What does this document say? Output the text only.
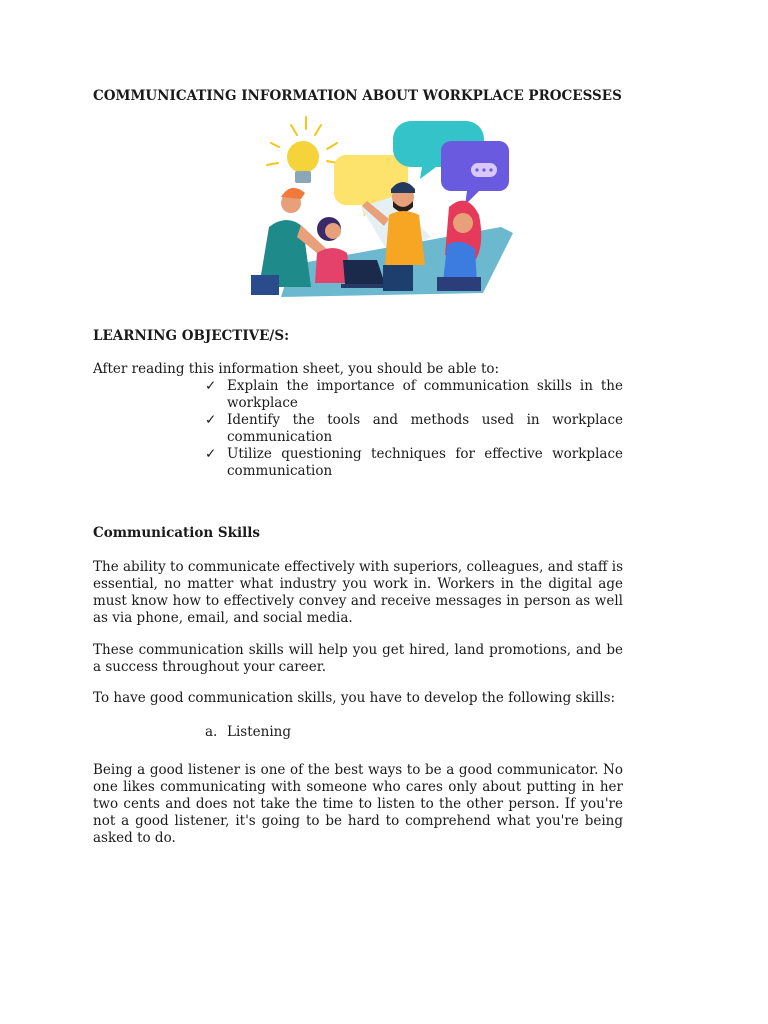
COMMUNICATING INFORMATION ABOUT WORKPLACE PROCESSES
LEARNING OBJECTIVE/S:
After reading this information sheet, you should be able to:
✓ Explain the importance of communication skills in the workplace
✓ Identify the tools and methods used in workplace communication
✓ Utilize questioning techniques for effective workplace communication
Communication Skills

The ability to communicate effectively with superiors, colleagues, and staff is essential, no matter what industry you work in. Workers in the digital age must know how to effectively convey and receive messages in person as well as via phone, email, and social media.

These communication skills will help you get hired, land promotions, and be a success throughout your career.

To have good communication skills, you have to develop the following skills:

a. Listening

Being a good listener is one of the best ways to be a good communicator. No one likes communicating with someone who cares only about putting in her two cents and does not take the time to listen to the other person. If you're not a good listener, it's going to be hard to comprehend what you're being asked to do.
